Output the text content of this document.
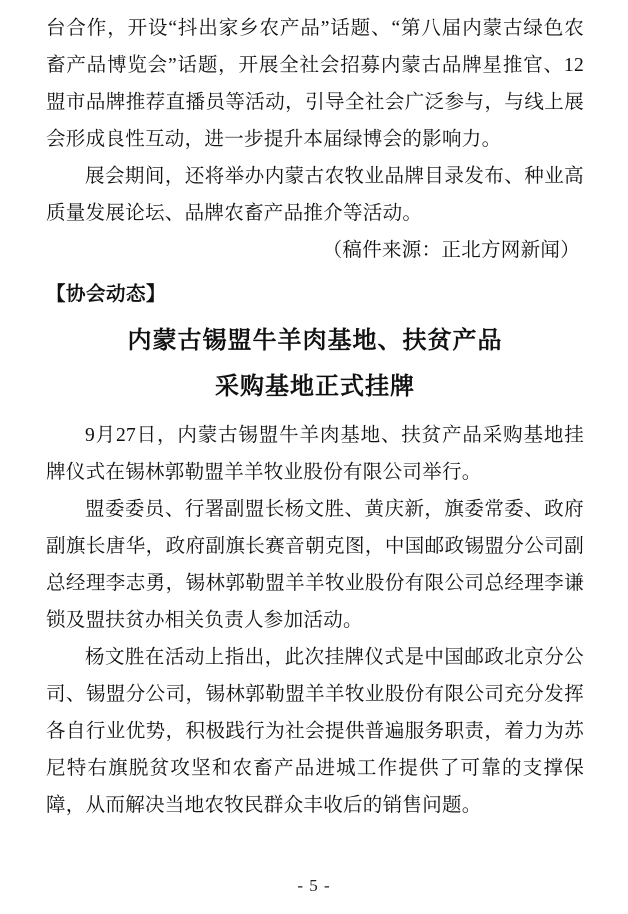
台合作，开设“抖出家乡农产品”话题、“第八届内蒙古绿色农畜产品博览会”话题，开展全社会招募内蒙古品牌星推官、12盟市品牌推荐直播员等活动，引导全社会广泛参与，与线上展会形成良性互动，进一步提升本届绿博会的影响力。

展会期间，还将举办内蒙古农牧业品牌目录发布、种业高质量发展论坛、品牌农畜产品推介等活动。

（稿件来源：正北方网新闻）

【协会动态】

内蒙古锡盟牛羊肉基地、扶贫产品
采购基地正式挂牌

9月27日，内蒙古锡盟牛羊肉基地、扶贫产品采购基地挂牌仪式在锡林郭勒盟羊羊牧业股份有限公司举行。

盟委委员、行署副盟长杨文胜、黄庆新，旗委常委、政府副旗长唐华，政府副旗长赛音朝克图，中国邮政锡盟分公司副总经理李志勇，锡林郭勒盟羊羊牧业股份有限公司总经理李谦锁及盟扶贫办相关负责人参加活动。

杨文胜在活动上指出，此次挂牌仪式是中国邮政北京分公司、锡盟分公司，锡林郭勒盟羊羊牧业股份有限公司充分发挥各自行业优势，积极践行为社会提供普遍服务职责，着力为苏尼特右旗脱贫攻坚和农畜产品进城工作提供了可靠的支撑保障，从而解决当地农牧民群众丰收后的销售问题。

- 5 -
